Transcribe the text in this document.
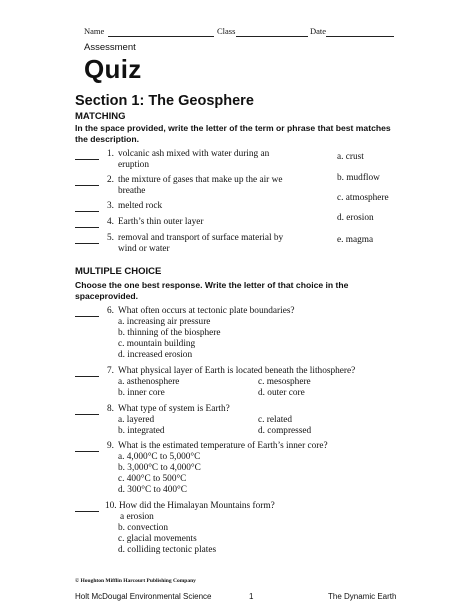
Name	Class	Date
Assessment
Quiz
Section 1: The Geosphere
MATCHING
In the space provided, write the letter of the term or phrase that best matches the description.
1. volcanic ash mixed with water during an eruption
2. the mixture of gases that make up the air we breathe
3. melted rock
4. Earth’s thin outer layer
5. removal and transport of surface material by wind or water
a. crust
b. mudflow
c. atmosphere
d. erosion
e. magma
MULTIPLE CHOICE
Choose the one best response. Write the letter of that choice in the spaceprovided.
6. What often occurs at tectonic plate boundaries?
a. increasing air pressure
b. thinning of the biosphere
c. mountain building
d. increased erosion
7. What physical layer of Earth is located beneath the lithosphere?
a. asthenosphere
b. inner core
c. mesosphere
d. outer core
8. What type of system is Earth?
a. layered
b. integrated
c. related
d. compressed
9. What is the estimated temperature of Earth’s inner core?
a. 4,000°C to 5,000°C
b. 3,000°C to 4,000°C
c. 400°C to 500°C
d. 300°C to 400°C
10. How did the Himalayan Mountains form?
a erosion
b. convection
c. glacial movements
d. colliding tectonic plates
© Houghton Mifflin Harcourt Publishing Company
Holt McDougal Environmental Science	1	The Dynamic Earth
